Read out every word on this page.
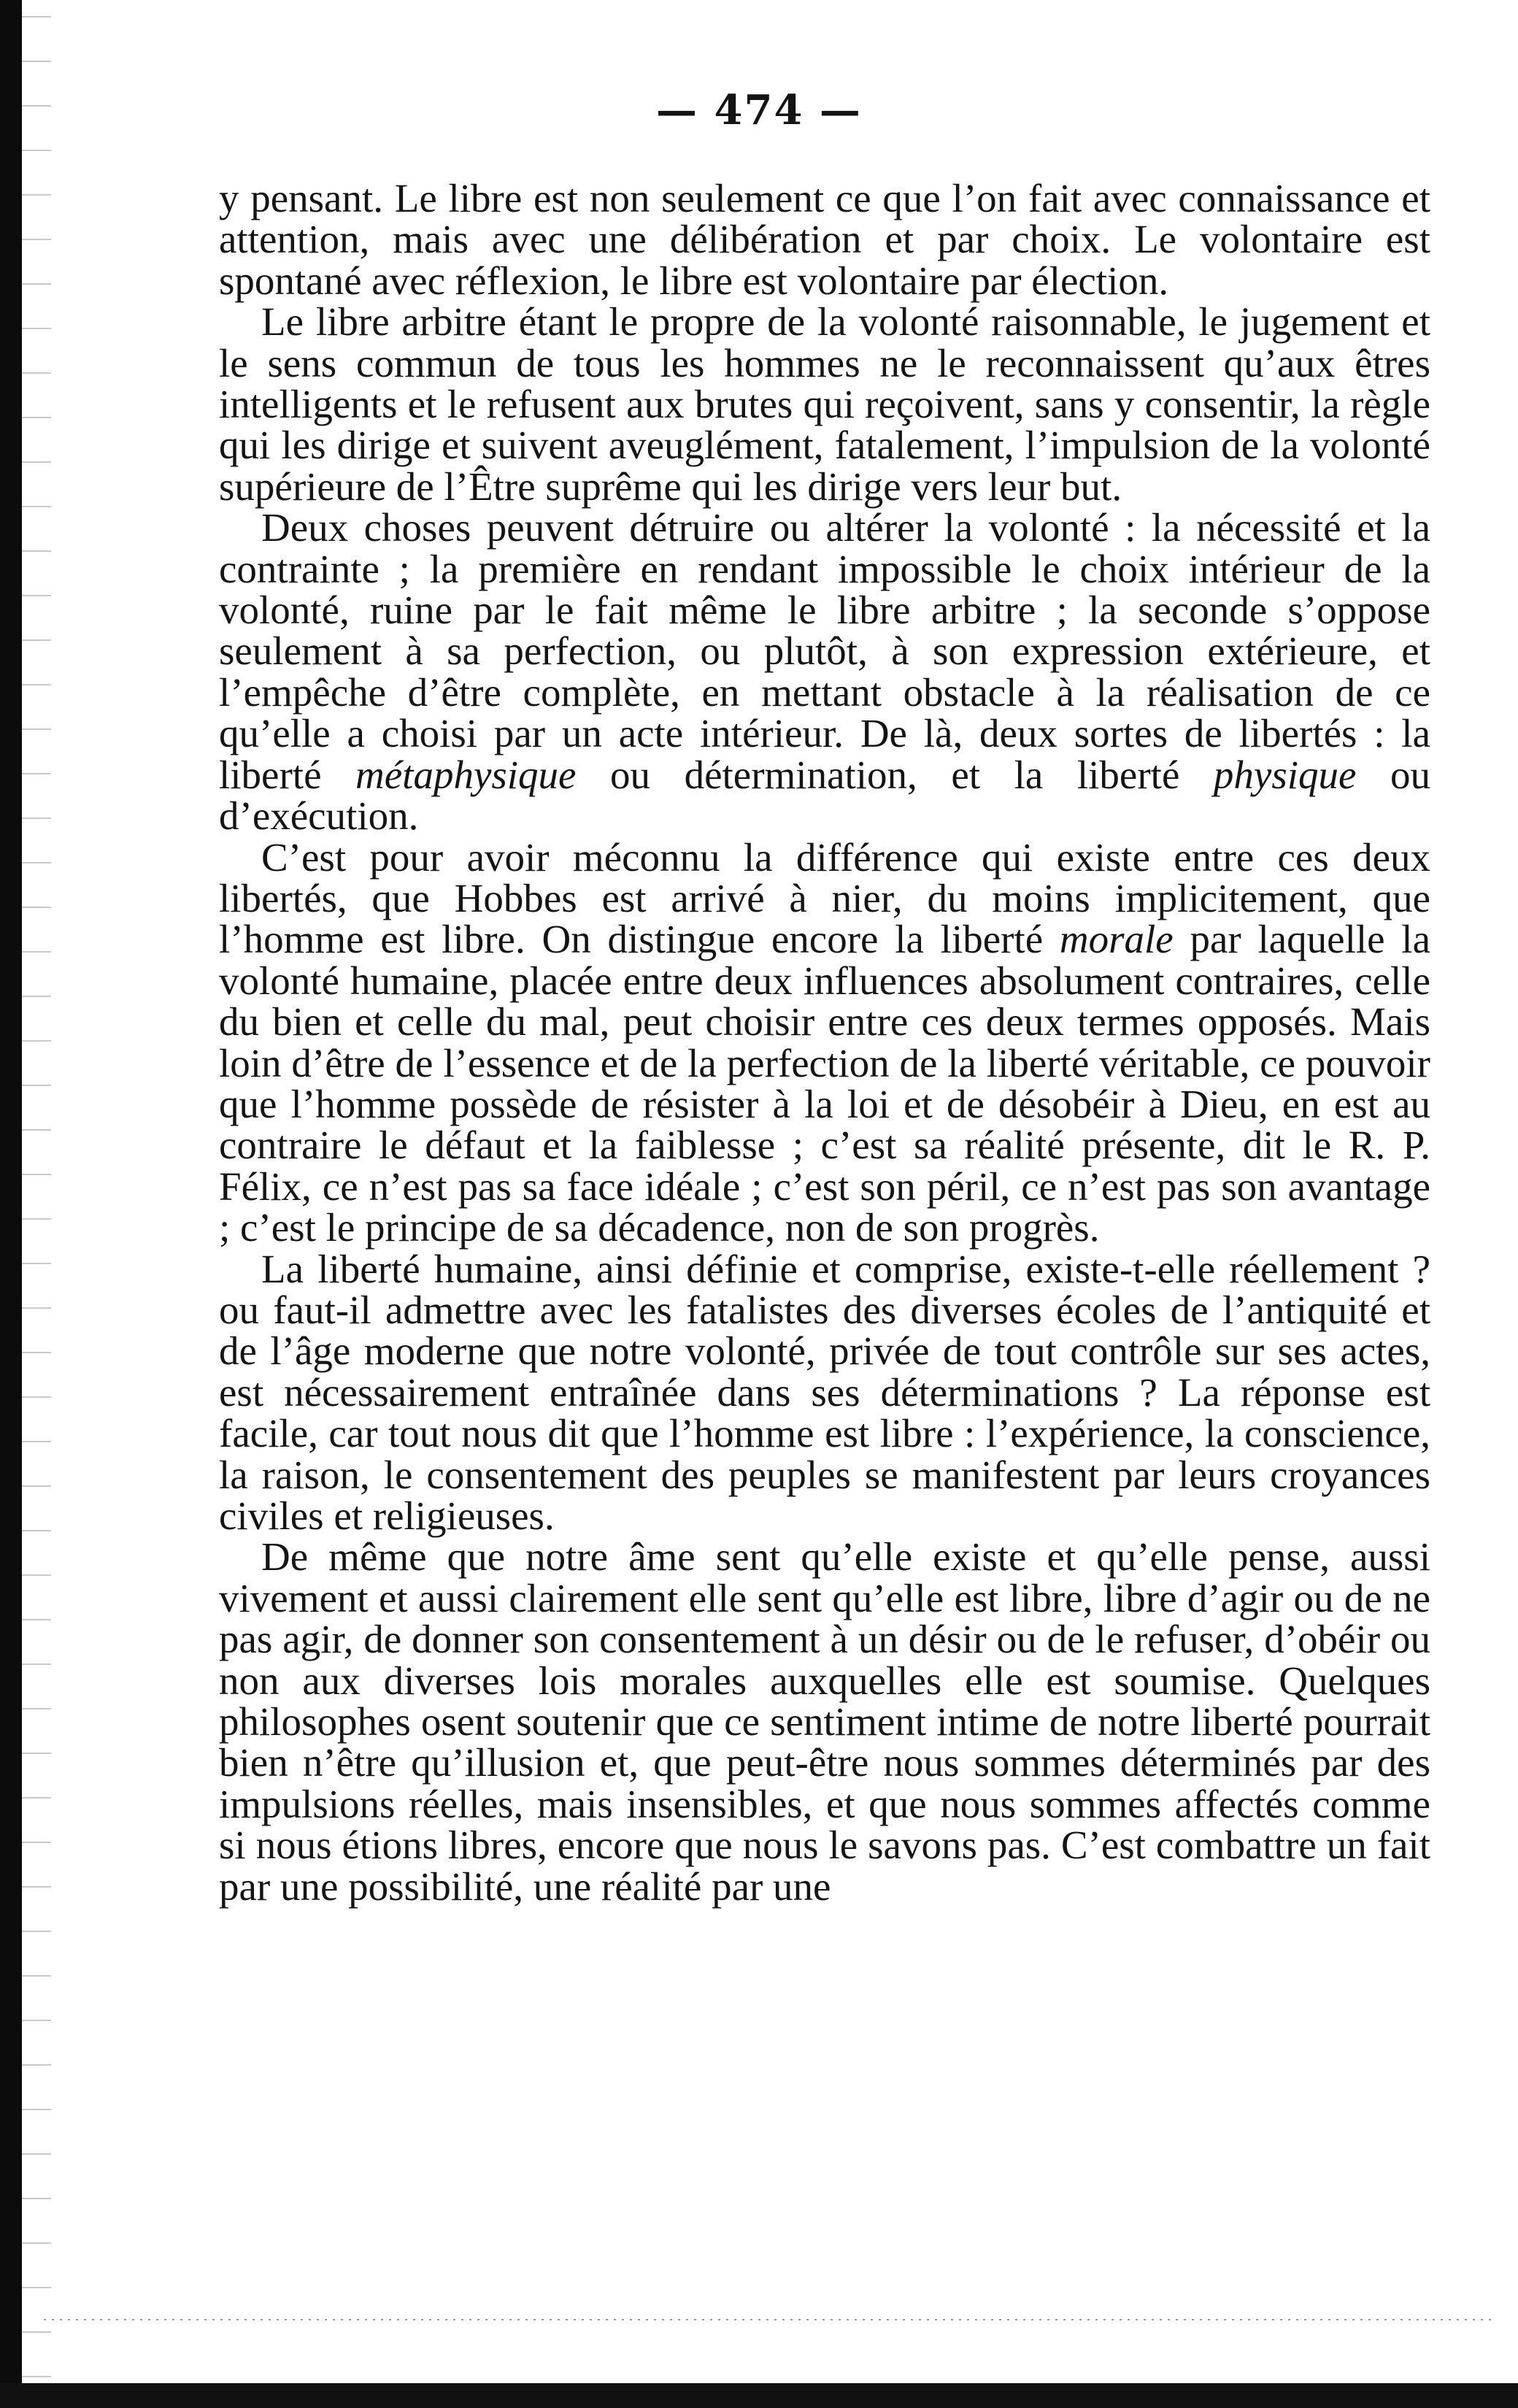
— 474 —

y pensant. Le libre est non seulement ce que l’on fait avec connaissance et attention, mais avec une délibération et par choix. Le volontaire est spontané avec réflexion, le libre est volontaire par élection.

Le libre arbitre étant le propre de la volonté raisonnable, le jugement et le sens commun de tous les hommes ne le reconnaissent qu’aux êtres intelligents et le refusent aux brutes qui reçoivent, sans y consentir, la règle qui les dirige et suivent aveuglément, fatalement, l’impulsion de la volonté supérieure de l’Être suprême qui les dirige vers leur but.

Deux choses peuvent détruire ou altérer la volonté : la nécessité et la contrainte ; la première en rendant impossible le choix intérieur de la volonté, ruine par le fait même le libre arbitre ; la seconde s’oppose seulement à sa perfection, ou plutôt, à son expression extérieure, et l’empêche d’être complète, en mettant obstacle à la réalisation de ce qu’elle a choisi par un acte intérieur. De là, deux sortes de libertés : la liberté métaphysique ou détermination, et la liberté physique ou d’exécution.

C’est pour avoir méconnu la différence qui existe entre ces deux libertés, que Hobbes est arrivé à nier, du moins implicitement, que l’homme est libre. On distingue encore la liberté morale par laquelle la volonté humaine, placée entre deux influences absolument contraires, celle du bien et celle du mal, peut choisir entre ces deux termes opposés. Mais loin d’être de l’essence et de la perfection de la liberté véritable, ce pouvoir que l’homme possède de résister à la loi et de désobéir à Dieu, en est au contraire le défaut et la faiblesse ; c’est sa réalité présente, dit le R. P. Félix, ce n’est pas sa face idéale ; c’est son péril, ce n’est pas son avantage ; c’est le principe de sa décadence, non de son progrès.

La liberté humaine, ainsi définie et comprise, existe-t-elle réellement ? ou faut-il admettre avec les fatalistes des diverses écoles de l’antiquité et de l’âge moderne que notre volonté, privée de tout contrôle sur ses actes, est nécessairement entraînée dans ses déterminations ? La réponse est facile, car tout nous dit que l’homme est libre : l’expérience, la conscience, la raison, le consentement des peuples se manifestent par leurs croyances civiles et religieuses.

De même que notre âme sent qu’elle existe et qu’elle pense, aussi vivement et aussi clairement elle sent qu’elle est libre, libre d’agir ou de ne pas agir, de donner son consentement à un désir ou de le refuser, d’obéir ou non aux diverses lois morales auxquelles elle est soumise. Quelques philosophes osent soutenir que ce sentiment intime de notre liberté pourrait bien n’être qu’illusion et, que peut-être nous sommes déterminés par des impulsions réelles, mais insensibles, et que nous sommes affectés comme si nous étions libres, encore que nous le savons pas. C’est combattre un fait par une possibilité, une réalité par une
